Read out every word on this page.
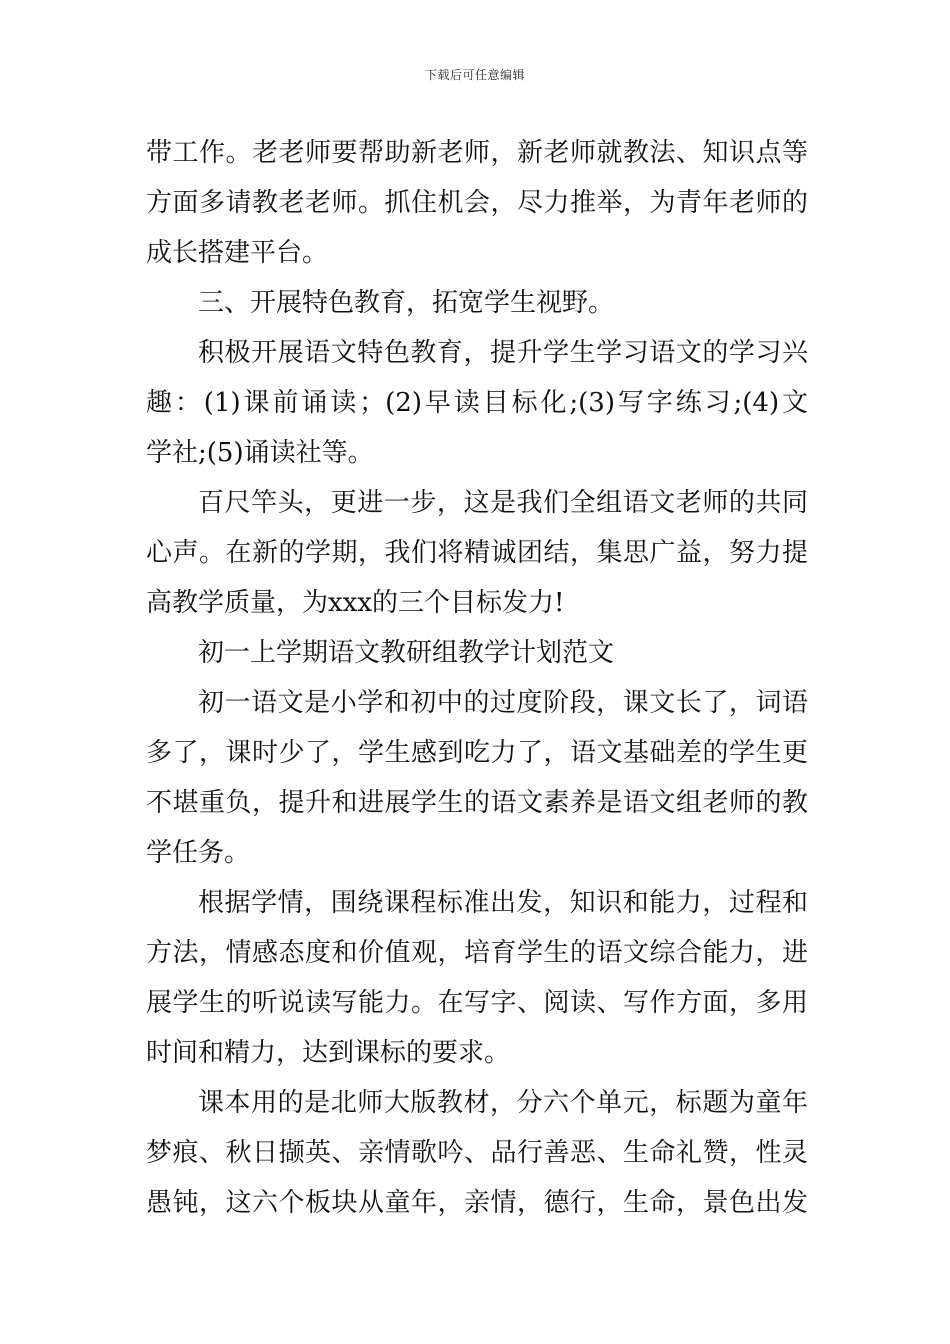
下载后可任意编辑
带工作。老老师要帮助新老师，新老师就教法、知识点等
方面多请教老老师。抓住机会，尽力推举，为青年老师的
成长搭建平台。
三、开展特色教育，拓宽学生视野。
积极开展语文特色教育，提升学生学习语文的学习兴
趣：(1)课前诵读；(2)早读目标化;(3)写字练习;(4)文
学社;(5)诵读社等。
百尺竿头，更进一步，这是我们全组语文老师的共同
心声。在新的学期，我们将精诚团结，集思广益，努力提
高教学质量，为xxx的三个目标发力!
初一上学期语文教研组教学计划范文
初一语文是小学和初中的过度阶段，课文长了，词语
多了，课时少了，学生感到吃力了，语文基础差的学生更
不堪重负，提升和进展学生的语文素养是语文组老师的教
学任务。
根据学情，围绕课程标准出发，知识和能力，过程和
方法，情感态度和价值观，培育学生的语文综合能力，进
展学生的听说读写能力。在写字、阅读、写作方面，多用
时间和精力，达到课标的要求。
课本用的是北师大版教材，分六个单元，标题为童年
梦痕、秋日撷英、亲情歌吟、品行善恶、生命礼赞，性灵
愚钝，这六个板块从童年，亲情，德行，生命，景色出发
